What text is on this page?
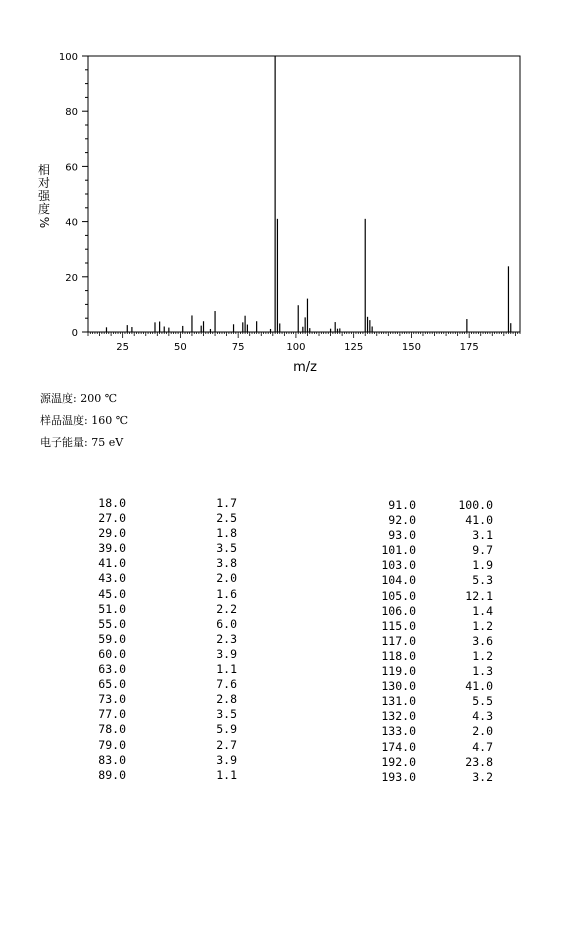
0
20
40
60
80
100
25	50	75	100	125	150	175
m/z
相
对
强
度
%
源温度: 200 ℃
样品温度: 160 ℃
电子能量: 75 eV
18.0	1.7
27.0	2.5
29.0	1.8
39.0	3.5
41.0	3.8
43.0	2.0
45.0	1.6
51.0	2.2
55.0	6.0
59.0	2.3
60.0	3.9
63.0	1.1
65.0	7.6
73.0	2.8
77.0	3.5
78.0	5.9
79.0	2.7
83.0	3.9
89.0	1.1
91.0	100.0
92.0	41.0
93.0	3.1
101.0	9.7
103.0	1.9
104.0	5.3
105.0	12.1
106.0	1.4
115.0	1.2
117.0	3.6
118.0	1.2
119.0	1.3
130.0	41.0
131.0	5.5
132.0	4.3
133.0	2.0
174.0	4.7
192.0	23.8
193.0	3.2
